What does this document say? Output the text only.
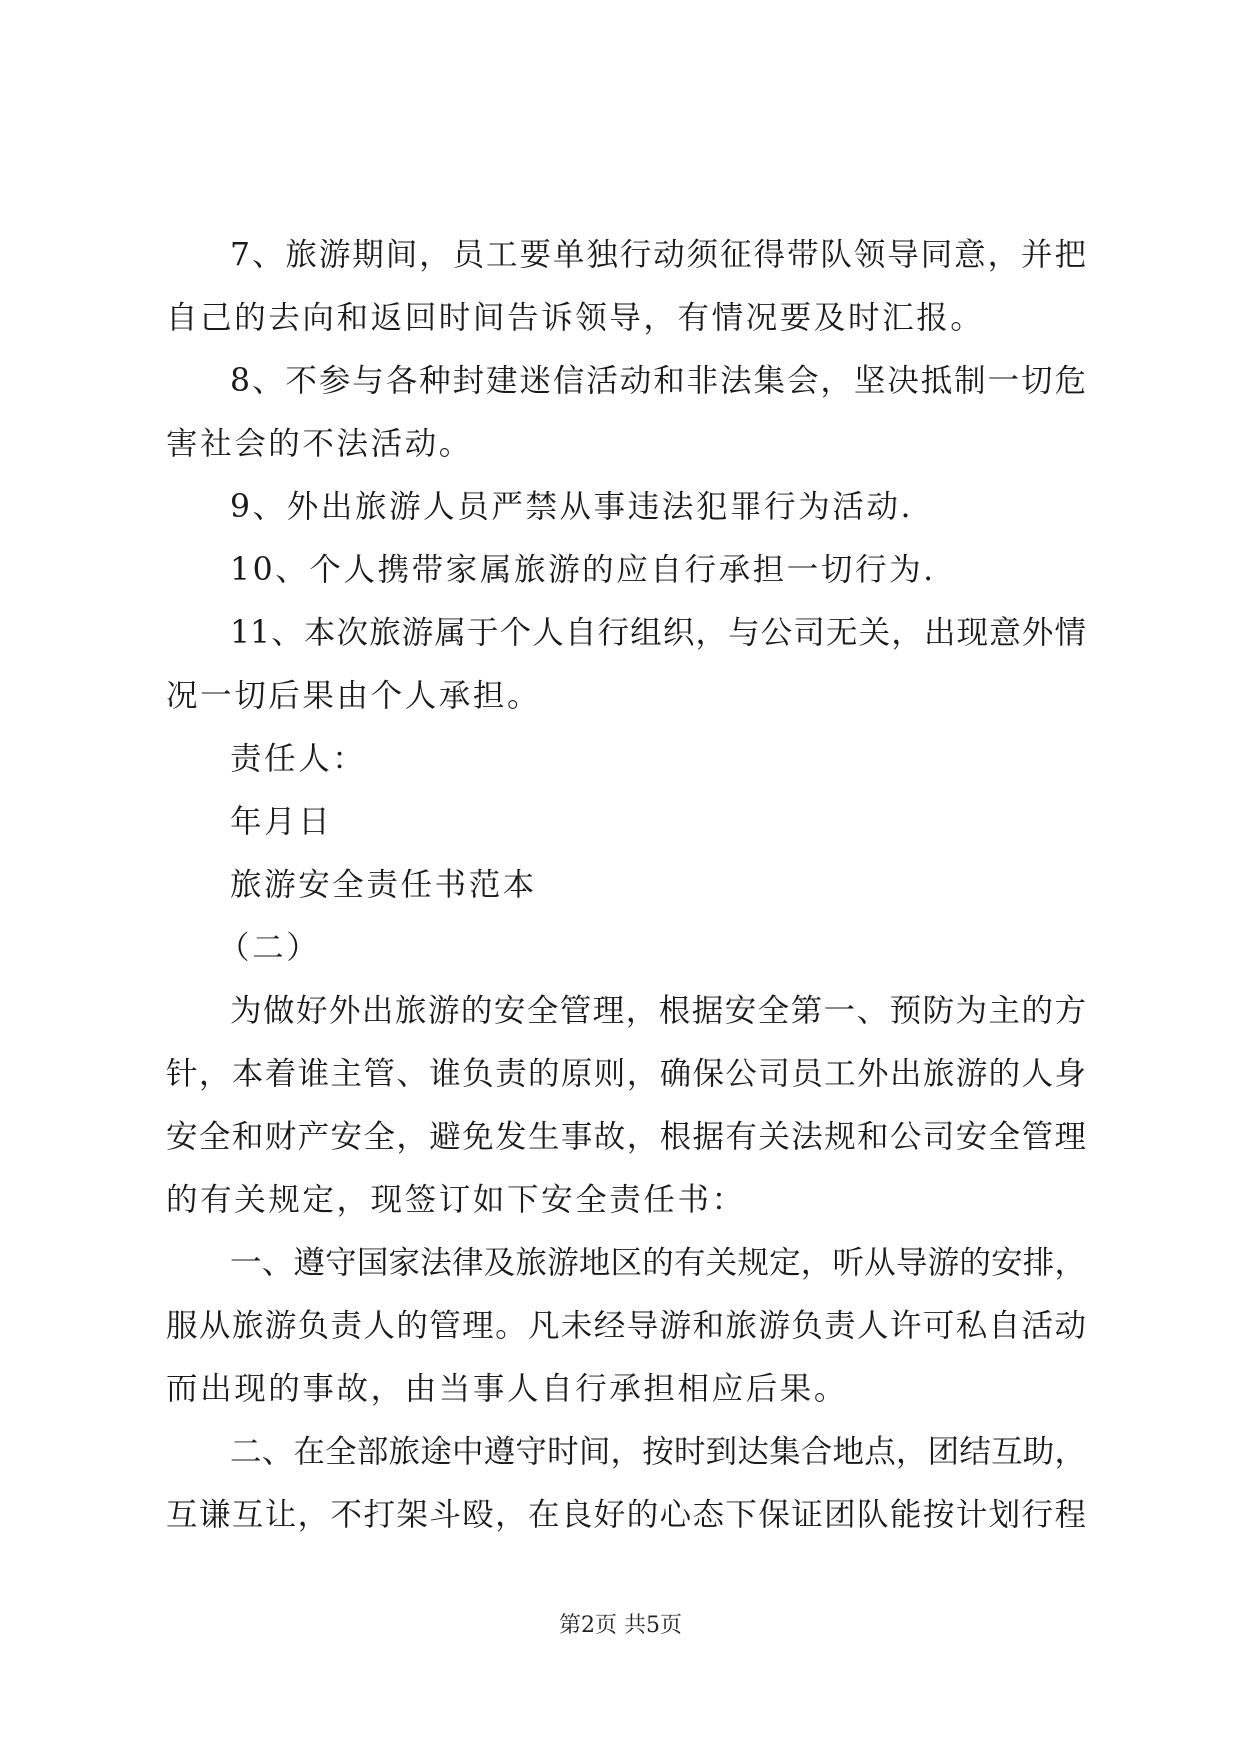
7、旅游期间，员工要单独行动须征得带队领导同意，并把
自己的去向和返回时间告诉领导，有情况要及时汇报。
8、不参与各种封建迷信活动和非法集会，坚决抵制一切危
害社会的不法活动。
9、外出旅游人员严禁从事违法犯罪行为活动.
10、个人携带家属旅游的应自行承担一切行为.
11、本次旅游属于个人自行组织，与公司无关，出现意外情
况一切后果由个人承担。
责任人：
年月日
旅游安全责任书范本
（二）
为做好外出旅游的安全管理，根据安全第一、预防为主的方
针，本着谁主管、谁负责的原则，确保公司员工外出旅游的人身
安全和财产安全，避免发生事故，根据有关法规和公司安全管理
的有关规定，现签订如下安全责任书：
一、遵守国家法律及旅游地区的有关规定，听从导游的安排，
服从旅游负责人的管理。凡未经导游和旅游负责人许可私自活动
而出现的事故，由当事人自行承担相应后果。
二、在全部旅途中遵守时间，按时到达集合地点，团结互助，
互谦互让，不打架斗殴，在良好的心态下保证团队能按计划行程
第2页 共5页
